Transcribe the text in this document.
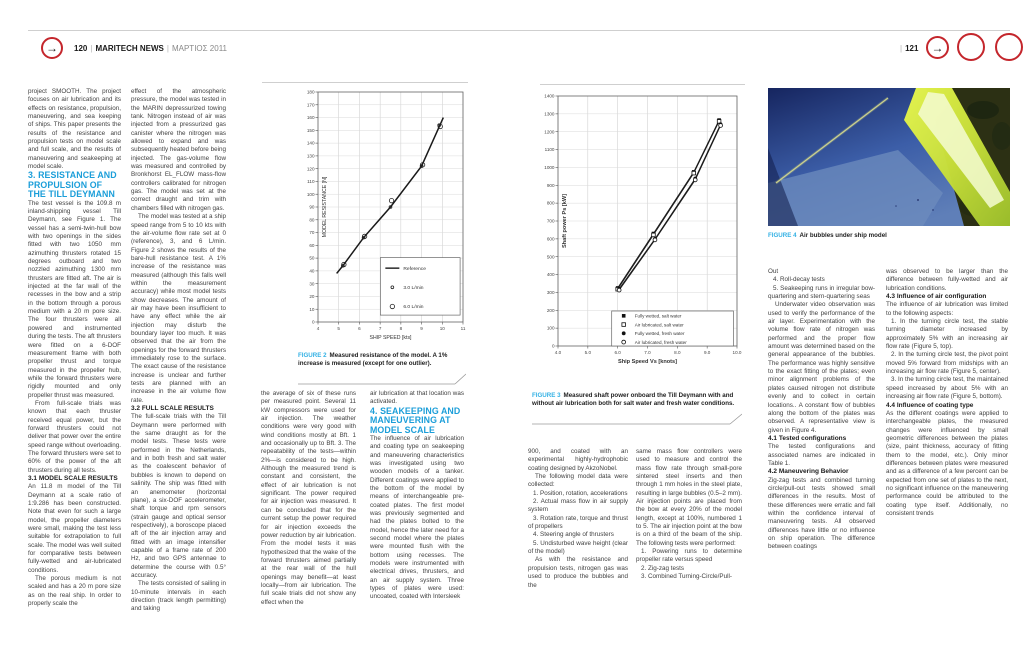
→	120 | MARITECH NEWS | ΜΑΡΤΙΟΣ 2011	| 121	→

project SMOOTH. The project focuses on air lubrication and its effects on resistance, propulsion, maneuvering, and sea keeping of ships. This paper presents the results of the resistance and propulsion tests on model scale and full scale, and the results of maneuvering and seakeeping at model scale.

3. RESISTANCE AND PROPULSION OF THE TILL DEYMANN

The test vessel is the 109.8 m inland-shipping vessel Till Deymann, see Figure 1. The vessel has a semi-twin-hull bow with two openings in the sides fitted with two 1050 mm azimuthing thrusters rotated 15 degrees outboard and two nozzled azimuthing 1300 mm thrusters are fitted aft. The air is injected at the far wall of the recesses in the bow and a strip in the bottom through a porous medium with a 20 m pore size. The four thrusters were all powered and instrumented during the tests. The aft thrusters were fitted on a 6-DOF measurement frame with both propeller thrust and torque measured in the propeller hub, while the forward thrusters were rigidly mounted and only propeller thrust was measured.

From full-scale trials was known that each thruster received equal power, but the forward thrusters could not deliver that power over the entire speed range without overloading. The forward thrusters were set to 60% of the power of the aft thrusters during all tests.

3.1 MODEL SCALE RESULTS

An 11.8 m model of the Till Deymann at a scale ratio of 1:9.286 has been constructed. Note that even for such a large model, the propeller diameters were small, making the test less suitable for extrapolation to full scale. The model was well suited for comparative tests between fully-wetted and air-lubricated conditions.

The porous medium is not scaled and has a 20 m pore size as on the real ship. In order to properly scale the

effect of the atmospheric pressure, the model was tested in the MARIN depressurized towing tank. Nitrogen instead of air was injected from a pressurized gas canister where the nitrogen was allowed to expand and was subsequently heated before being injected. The gas-volume flow was measured and controlled by Bronkhorst EL_FLOW mass-flow controllers calibrated for nitrogen gas. The model was set at the correct draught and trim with chambers filled with nitrogen gas.

The model was tested at a ship speed range from 5 to 10 kts with the air-volume flow rate set at 0 (reference), 3, and 6 L/min. Figure 2 shows the results of the bare-hull resistance test. A 1% increase of the resistance was measured (although this falls well within the measurement accuracy) while most model tests show decreases. The amount of air may have been insufficient to have any effect while the air injection may disturb the boundary layer too much. It was observed that the air from the openings for the forward thrusters immediately rose to the surface. The exact cause of the resistance increase is unclear and further tests are planned with an increase in the air volume flow rate.

3.2 FULL SCALE RESULTS

The full-scale trials with the Till Deymann were performed with the same draught as for the model tests. These tests were performed in the Netherlands, and in both fresh and salt water as the coalescent behavior of bubbles is known to depend on salinity. The ship was fitted with an anemometer (horizontal plane), a six-DOF accelerometer, shaft torque and rpm sensors (strain gauge and optical sensor respectively), a boroscope placed aft of the air injection array and fitted with an image intensifier capable of a frame rate of 200 Hz, and two GPS antennae to determine the course with 0.5° accuracy.

The tests consisted of sailing in 10-minute intervals in each direction (track length permitting) and taking

the average of six of these runs per measured point. Several 11 kW compressors were used for air injection. The weather conditions were very good with wind conditions mostly at Bft. 1 and occasionally up to Bft. 3. The repeatability of the tests—within 2%—is considered to be high. Although the measured trend is constant and consistent, the effect of air lubrication is not significant. The power required for air injection was measured. It can be concluded that for the current setup the power required for air injection exceeds the power reduction by air lubrication. From the model tests it was hypothesized that the wake of the forward thrusters aimed partially at the rear wall of the hull openings may benefit—at least locally—from air lubrication. The full scale trials did not show any effect when the

air lubrication at that location was activated.

4. SEAKEEPING AND MANEUVERING AT MODEL SCALE

The influence of air lubrication and coating type on seakeeping and maneuvering characteristics was investigated using two wooden models of a tanker. Different coatings were applied to the bottom of the model by means of interchangeable pre-coated plates. The first model was previously segmented and had the plates bolted to the model, hence the later need for a second model where the plates were mounted flush with the bottom using recesses. The models were instrumented with electrical drives, thrusters, and an air supply system. Three types of plates were used: uncoated, coated with Intersleek

4	5	6	7	8	9	10	11
0
10
20
30
40
50
60
70
80
90
100
110
120
130
140
150
160
170
180
SHIP SPEED [kts]
MODEL RESISTANCE [N]
Reference
3.0 L/min
6.0 L/min
FIGURE 2 Measured resistance of the model. A 1% increase is measured (except for one outlier).
4.0	5.0	6.0	7.0	8.0	9.0	10.0
0
100
200
300
400
500
600
700
800
900
1000
1100
1200
1300
1400
Ship Speed Vs [knots]
Shaft power Ps [kW]
Fully wetted, salt water
Air lubricated, salt water
Fully wetted, fresh water
Air lubricated, fresh water
FIGURE 3 Measured shaft power onboard the Till Deymann with and without air lubrication both for salt water and fresh water conditions.
FIGURE 4 Air bubbles under ship model

900, and coated with an experimental highly-hydrophobic coating designed by AkzoNobel.

The following model data were collected:

1. Position, rotation, accelerations

2. Actual mass flow in air supply system

3. Rotation rate, torque and thrust of propellers

4. Steering angle of thrusters

5. Undisturbed wave height (clear of the model)

As with the resistance and propulsion tests, nitrogen gas was used to produce the bubbles and the

same mass flow controllers were used to measure and control the mass flow rate through small-pore sintered steel inserts and then through 1 mm holes in the steel plate, resulting in large bubbles (0.5–2 mm). Air injection points are placed from the bow at every 20% of the model length, except at 100%, numbered 1 to 5. The air injection point at the bow is on a third of the beam of the ship. The following tests were performed:

1. Powering runs to determine propeller rate versus speed

2. Zig-zag tests

3. Combined Turning-Circle/Pull-

Out

4. Roll-decay tests

5. Seakeeping runs in irregular bow-quartering and stern-quartering seas

Underwater video observation was used to verify the performance of the air layer. Experimentation with the volume flow rate of nitrogen was performed and the proper flow amount was determined based on the general appearance of the bubbles. The performance was highly sensitive to the exact fitting of the plates; even minor alignment problems of the plates caused nitrogen not distribute evenly and to collect in certain locations.. A constant flow of bubbles along the bottom of the plates was observed. A representative view is given in Figure 4.

4.1 Tested configurations

The tested configurations and associated names are indicated in Table 1.

4.2 Maneuvering Behavior

Zig-zag tests and combined turning circle/pull-out tests showed small differences in the results. Most of these differences were erratic and fall within the confidence interval of maneuvering tests. All observed differences have little or no influence on ship operation. The difference between coatings

was observed to be larger than the difference between fully-wetted and air lubrication conditions.

4.3 Influence of air configuration

The influence of air lubrication was limited to the following aspects:

1. In the turning circle test, the stable turning diameter increased by approximately 5% with an increasing air flow rate (Figure 5, top).

2. In the turning circle test, the pivot point moved 5% forward from midships with an increasing air flow rate (Figure 5, center).

3. In the turning circle test, the maintained speed increased by about 5% with an increasing air flow rate (Figure 5, bottom).

4.4 Influence of coating type

As the different coatings were applied to interchangeable plates, the measured changes were influenced by small geometric differences between the plates (size, paint thickness, accuracy of fitting them to the model, etc.). Only minor differences between plates were measured and as a difference of a few percent can be expected from one set of plates to the next, no significant influence on the maneuvering performance could be attributed to the coating type itself. Additionally, no consistent trends
